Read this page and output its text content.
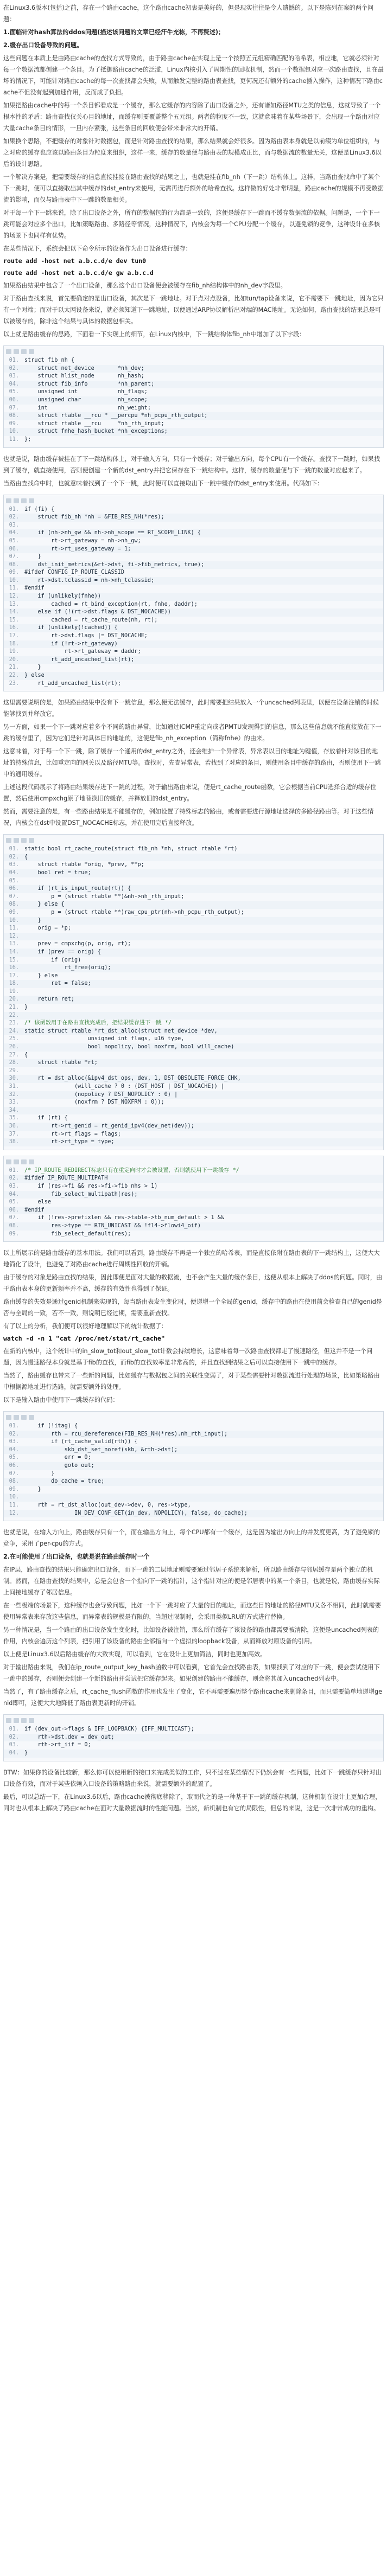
在Linux3.6版本(包括)之前，存在一个路由cache，这个路由cache初衷是美好的，但是现实往往是令人遗憾的。以下是陈列在案的两个问题：

1.面临针对hash算法的ddos问题(描述该问题的文章已经汗牛充栋，不再赘述)；

2.缓存出口设备导致的问题。

这些问题在本质上是由路由cache的查找方式导致的，由于路由cache在实现上是一个按照五元组精确匹配的哈希表，相应地，它就必须针对每一个数据流都创建一个条目。为了抵御路由cache的泛滥，Linux内核引入了周期性的回收机制，然而一个数据包对应一次路由查找，且在最坏的情况下，可能针对路由cache的每一次查找都会失败，从而触发完整的路由表查找，更何况还有额外的cache插入操作，这种情况下路由cache不但没有起到加速作用，反而成了负担。

如果把路由cache中的每一个条目都看成是一个缓存，那么它缓存的内容除了出口设备之外，还有诸如路径MTU之类的信息，这就导致了一个根本性的矛盾：路由查找仅关心目的地址，而缓存则要覆盖整个五元组。两者的粒度不一致，这就意味着在某些场景下，会出现一个路由对应大量cache条目的情形，一旦内存紧张，这些条目的回收便会带来非常大的开销。

如果换个思路，不把缓存的对象针对数据包，而是针对路由查找的结果，那么结果就会好很多。因为路由表本身就是以前缀为单位组织的，与之对应的缓存也应该以路由条目为粒度来组织，这样一来，缓存的数量便与路由表的规模成正比，而与数据流的数量无关，这便是Linux3.6以后的设计思路。

一个解决方案是，把需要缓存的信息直接挂接在路由查找的结果之上，也就是挂在fib_nh（下一跳）结构体上。这样，当路由查找命中了某个下一跳时，便可以直接取出其中缓存的dst_entry来使用，无需再进行额外的哈希查找。这样做的好处非常明显，路由cache的规模不再受数据流的影响，而仅与路由表中下一跳的数量相关。

对于每一个下一跳来说，除了出口设备之外，所有的数据包的行为都是一致的，这便是缓存下一跳而不缓存数据流的依据。问题是，一个下一跳可能会对应多个出口，比如策略路由、多路径等情况，这种情况下，内核会为每一个CPU分配一个缓存，以避免锁的竞争，这种设计在多核的场景下也同样有优势。

在某些情况下，系统会把以下命令所示的设备作为出口设备进行缓存：

route add -host net a.b.c.d/e dev tun0
route add -host net a.b.c.d/e gw a.b.c.d

如果路由结果中包含了一个出口设备，那么这个出口设备便会被缓存在fib_nh结构体中的nh_dev字段里。

对于路由查找来说，首先要确定的是出口设备，其次是下一跳地址。对于点对点设备，比如tun/tap设备来说，它不需要下一跳地址，因为它只有一个对端；而对于以太网设备来说，就必须知道下一跳地址，以便通过ARP协议解析出对端的MAC地址。无论如何，路由查找的结果总是可以被缓存的，除非这个结果与具体的数据包相关。

以上就是路由缓存的思路，下面看一下实现上的细节，在Linux内核中，下一跳结构体fib_nh中增加了以下字段：

01. struct fib_nh {
02. struct net_device       *nh_dev;
03. struct hlist_node       nh_hash;
04. struct fib_info         *nh_parent;
05. unsigned int            nh_flags;
06. unsigned char           nh_scope;
07. int                     nh_weight;
08. struct rtable __rcu * __percpu *nh_pcpu_rth_output;
09. struct rtable __rcu     *nh_rth_input;
10. struct fnhe_hash_bucket *nh_exceptions;
11. };

也就是说，路由缓存被挂在了下一跳结构体上，对于输入方向，只有一个缓存；对于输出方向，每个CPU有一个缓存。查找下一跳时，如果找到了缓存，就直接使用，否则便创建一个新的dst_entry并把它保存在下一跳结构中。这样，缓存的数量便与下一跳的数量对应起来了。

当路由查找命中时，也就意味着找到了一个下一跳，此时便可以直接取出下一跳中缓存的dst_entry来使用。代码如下：

01. if (fi) {
02. struct fib_nh *nh = &FIB_RES_NH(*res);
03.
04. if (nh->nh_gw && nh->nh_scope == RT_SCOPE_LINK) {
05. rt->rt_gateway = nh->nh_gw;
06. rt->rt_uses_gateway = 1;
07. }
08. dst_init_metrics(&rt->dst, fi->fib_metrics, true);
09. #ifdef CONFIG_IP_ROUTE_CLASSID
10. rt->dst.tclassid = nh->nh_tclassid;
11. #endif
12. if (unlikely(fnhe))
13. cached = rt_bind_exception(rt, fnhe, daddr);
14. else if (!(rt->dst.flags & DST_NOCACHE))
15. cached = rt_cache_route(nh, rt);
16. if (unlikely(!cached)) {
17. rt->dst.flags |= DST_NOCACHE;
18. if (!rt->rt_gateway)
19. rt->rt_gateway = daddr;
20. rt_add_uncached_list(rt);
21. }
22. } else
23. rt_add_uncached_list(rt);

这里需要说明的是，如果路由结果中没有下一跳信息，那么便无法缓存，此时需要把结果放入一个uncached列表里，以便在设备注销的时候能够找到并释放它。

另一方面，如果一个下一跳对应着多个不同的路由异常，比如通过ICMP重定向或者PMTU发现得到的信息，那么这些信息就不能直接放在下一跳的缓存里了，因为它们是针对具体目的地址的，这便是fib_nh_exception（简称fnhe）的由来。

这意味着，对于每一个下一跳，除了缓存一个通用的dst_entry之外，还会维护一个异常表，异常表以目的地址为键值，存放着针对该目的地址的特殊信息，比如重定向的网关以及路径MTU等。查找时，先查异常表，若找到了对应的条目，则使用条目中缓存的路由，否则使用下一跳中的通用缓存。

上述这段代码展示了将路由结果缓存进下一跳的过程，对于输出路由来说，便是rt_cache_route函数，它会根据当前CPU选择合适的缓存位置，然后使用cmpxchg原子地替换旧的缓存，并释放旧的dst_entry。

然而，需要注意的是，有一些路由结果是不能缓存的，例如设置了特殊标志的路由，或者需要进行源地址选择的多路径路由等。对于这些情况，内核会在dst中设置DST_NOCACHE标志，并在使用完后直接释放。

01. static bool rt_cache_route(struct fib_nh *nh, struct rtable *rt)
02. {
03. struct rtable *orig, *prev, **p;
04. bool ret = true;
05.
06. if (rt_is_input_route(rt)) {
07. p = (struct rtable **)&nh->nh_rth_input;
08. } else {
09. p = (struct rtable **)raw_cpu_ptr(nh->nh_pcpu_rth_output);
10. }
11. orig = *p;
12.
13. prev = cmpxchg(p, orig, rt);
14. if (prev == orig) {
15. if (orig)
16. rt_free(orig);
17. } else
18. ret = false;
19.
20. return ret;
21. }
22.
23. /* 该函数用于在路由查找完成后，把结果缓存进下一跳 */
24. static struct rtable *rt_dst_alloc(struct net_device *dev,
25. unsigned int flags, u16 type,
26. bool nopolicy, bool noxfrm, bool will_cache)
27. {
28. struct rtable *rt;
29.
30. rt = dst_alloc(&ipv4_dst_ops, dev, 1, DST_OBSOLETE_FORCE_CHK,
31. (will_cache ? 0 : (DST_HOST | DST_NOCACHE)) |
32. (nopolicy ? DST_NOPOLICY : 0) |
33. (noxfrm ? DST_NOXFRM : 0));
34.
35. if (rt) {
36. rt->rt_genid = rt_genid_ipv4(dev_net(dev));
37. rt->rt_flags = flags;
38. rt->rt_type = type;
01. /* IP_ROUTE_REDIRECT标志只有在重定向时才会被设置，否则就使用下一跳缓存 */
02. #ifdef IP_ROUTE_MULTIPATH
03. if (res->fi && res->fi->fib_nhs > 1)
04. fib_select_multipath(res);
05. else
06. #endif
07. if (!res->prefixlen && res->table->tb_num_default > 1 &&
08. res->type == RTN_UNICAST && !fl4->flowi4_oif)
09. fib_select_default(res);

以上所展示的是路由缓存的基本用法。我们可以看到，路由缓存不再是一个独立的哈希表，而是直接依附在路由表的下一跳结构上，这便大大地简化了设计，也避免了对路由cache进行周期性回收的开销。

由于缓存的对象是路由查找的结果，因此即便是面对大量的数据流，也不会产生大量的缓存条目，这便从根本上解决了ddos的问题。同时，由于路由表本身的更新频率并不高，缓存的有效性也得到了保证。

路由缓存的失效是通过genid机制来实现的，每当路由表发生变化时，便递增一个全局的genid，缓存中的路由在使用前会检查自己的genid是否与全局的一致，若不一致，则说明已经过期，需要重新查找。

有了以上的分析，我们便可以很好地理解以下的统计数据了：

watch -d -n 1 "cat /proc/net/stat/rt_cache"

在新的内核中，这个统计中的in_slow_tot和out_slow_tot计数会持续增长，这意味着每一次路由查找都走了慢速路径，但这并不是一个问题，因为慢速路径本身就是基于fib的查找，而fib的查找效率是非常高的，并且查找到结果之后可以直接使用下一跳中的缓存。

当然了，路由缓存也带来了一些新的问题，比如缓存与数据包之间的关联性变弱了，对于某些需要针对数据流进行处理的场景，比如策略路由中根据源地址进行选路，就需要额外的处理。

以下是输入路由中使用下一跳缓存的代码：

01. if (!itag) {
02. rth = rcu_dereference(FIB_RES_NH(*res).nh_rth_input);
03. if (rt_cache_valid(rth)) {
04. skb_dst_set_noref(skb, &rth->dst);
05. err = 0;
06. goto out;
07. }
08. do_cache = true;
09. }
10.
11. rth = rt_dst_alloc(out_dev->dev, 0, res->type,
12. IN_DEV_CONF_GET(in_dev, NOPOLICY), false, do_cache);

也就是说，在输入方向上，路由缓存只有一个，而在输出方向上，每个CPU都有一个缓存，这是因为输出方向上的并发度更高，为了避免锁的竞争，采用了per-cpu的方式。

2.在可能使用了出口设备，也就是说在路由缓存时一个

在IP层，路由查找的结果只能确定出口设备，而下一跳的二层地址则需要通过邻居子系统来解析，所以路由缓存与邻居缓存是两个独立的机制。然而，在路由查找的结果中，总是会包含一个指向下一跳的指针，这个指针对应的便是邻居表中的某一个条目，也就是说，路由缓存实际上间接地缓存了邻居信息。

在一些极端的场景下，这种缓存也会导致问题，比如一个下一跳对应了大量的目的地址，而这些目的地址的路径MTU又各不相同，此时就需要使用异常表来存放这些信息，而异常表的规模是有限的，当超过限制时，会采用类似LRU的方式进行替换。

另一种情况是，当一个路由的出口设备发生变化时，比如设备被注销，那么所有缓存了该设备的路由都需要被清除，这便是uncached列表的作用，内核会遍历这个列表，把引用了该设备的路由全部指向一个虚拟的loopback设备，从而释放对原设备的引用。

以上便是Linux3.6以后路由缓存的大致实现，可以看到，它在设计上更加简洁，同时也更加高效。

对于输出路由来说，我们在ip_route_output_key_hash函数中可以看到，它首先会查找路由表，如果找到了对应的下一跳，便会尝试使用下一跳中的缓存，否则便会创建一个新的路由并尝试把它缓存起来。如果创建的路由不能缓存，则会将其加入uncached列表中。

当然了，有了路由缓存之后，rt_cache_flush函数的作用也发生了变化，它不再需要遍历整个路由cache来删除条目，而只需要简单地递增genid即可，这便大大地降低了路由表更新时的开销。

01. if (dev_out->flags & IFF_LOOPBACK) {IFF_MULTICAST};
02. rth->dst.dev = dev_out;
03. rth->rt_iif = 0;
04. }

BTW：如果你的设备比较新，那么你可以使用新的接口来完成类似的工作，只不过在某些情况下仍然会有一些问题，比如下一跳缓存只针对出口设备有效，而对于某些依赖入口设备的策略路由来说，就需要额外的配置了。

最后，可以总结一下，在Linux3.6以后，路由cache被彻底移除了，取而代之的是一种基于下一跳的缓存机制，这种机制在设计上更加合理，同时也从根本上解决了路由cache在面对大量数据流时的性能问题。当然，新机制也有它的局限性，但总的来说，这是一次非常成功的重构。
